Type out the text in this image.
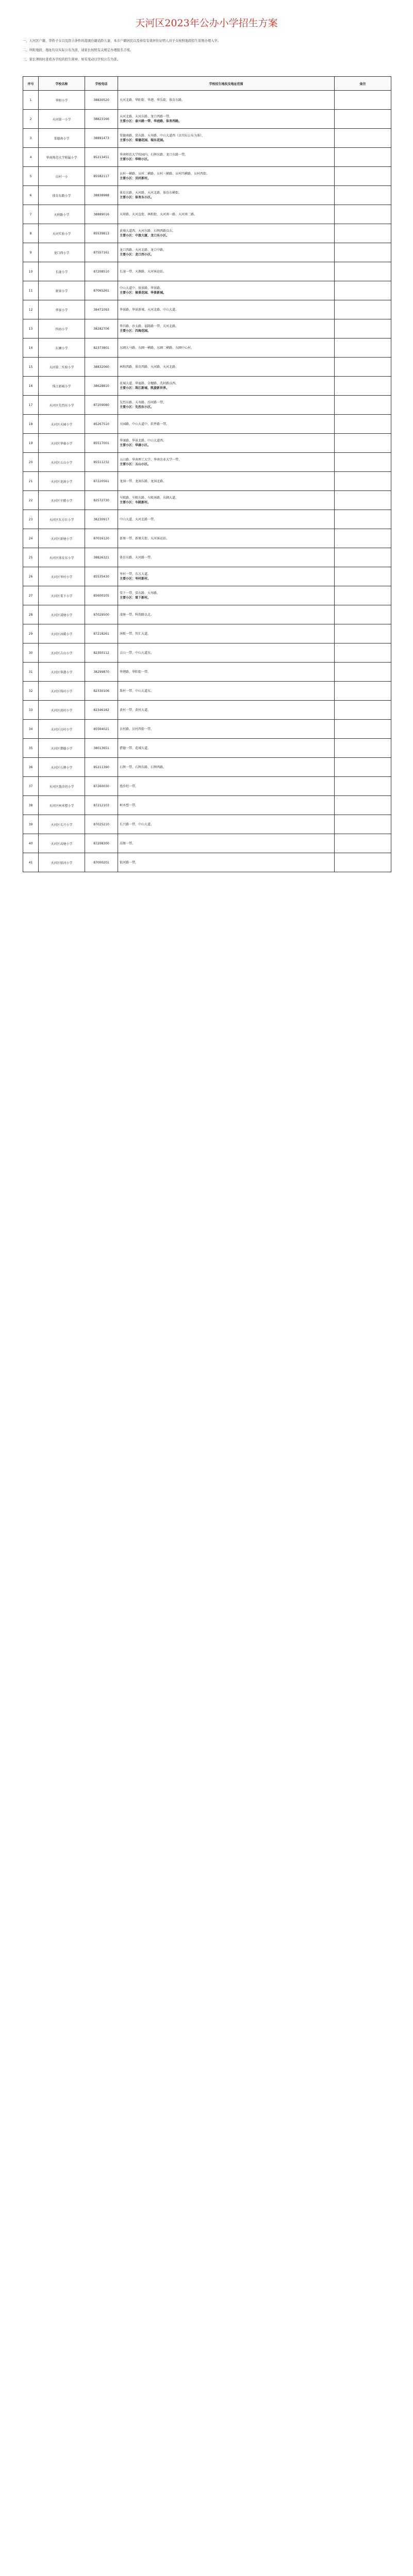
天河区2023年公办小学招生方案

一、天河区户籍、华侨子女以及符合条件的港澳台籍适龄儿童、本市户籍居民以及持有有效居住证明人员子女按照地段招生原则办理入学。

二、所附地段、地址均以实际公布为准，请家长按照有关规定办理报名手续。

三、家长须按时查看各学校的招生简章，如有变动以学校公告为准。

序号	学校名称	学校电话	学校招生地段及地址范围	备注
1	华阳小学	38830520	天河北路、华阳街、华港、华乐街，体育东路。

2	天河第一小学	38823166	天河北路、天河东路、龙口西路一带。
主要小区：泰兴路一带、华庭路、体育西路。	
3	棠德南小学	38891473	棠德南路、棠东路、天寿路、中山大道西（以实际公布为准）。
主要小区：棠德花园、瑞东花园。	
4	华南师范大学附属小学	85213451	华南师范大学校园内、石牌东路、龙口东路一带。
主要小区：华师小区。	
5	员村一小	85582117	员村一横路、员村二横路、员村三横路、员村四横路，员村西街。
主要小区：员村新村。	
6	体育东路小学	38838988	体育东路、天河路、天河北路、体育东横街。
主要小区：体育东小区。	
7	天府路小学	38889016	天府路、天河直街、林和街、天河南一路、天河南二路。

8	天河实验小学	85539813	黄埔大道西、天河东路、石牌西路以东。
主要小区：中旅大厦、龙口东小区。	
9	龙口西小学	87557161	龙口西路、天河北路、龙口中路。
主要小区：龙口西小区。	
10	长湴小学	87208510	长湴一带、天源路、天河客运站。

11	骏景小学	87065261	中山大道中、骏景路、华景路。
主要小区：骏景花园、华景新城。	
12	华景小学	38471093	华景路、华景新城、天河北路、中山大道。

13	四海小学	38282706	华昌路、沙太路、福隆路一带、天河北路。
主要小区：四海花园。	
14	东圃小学	82373801	东圃大马路、东圃一横路、东圃二横路、东圃中心村。

15	天河第二实验小学	38832060	林和西路、体育西路、天河路、天河北路。

16	珠江新城小学	38628810	花城大道、华夏路、金穗路、冼村路以西。
主要小区：珠江新城、凯旋新世界。	
17	天河区先烈东小学	87209080	先烈东路、天寿路、沙河路一带。
主要小区：先烈东小区。	
18	天河区天园小学	85267510	天园路、中山大道中、软件路一带。

19	天河区华康小学	85517001	华康路、华景北路、中山大道西。
主要小区：华康小区。	
20	天河区五山小学	85511232	五山路、华南理工大学、华南农业大学一带。
主要小区：五山小区。	
21	天河区龙洞小学	87220561	龙洞一带、龙洞东路、龙洞北路。

22	天河区车陂小学	82572730	车陂路、车陂东路、车陂南路、东圃大道。
主要小区：车陂新村。	
23	天河区东方红小学	38230917	中山大道、天河北路一带。

24	天河区新塘小学	87016120	新塘一带、新塘大街、天河客运站。

25	天河区体育东小学	38826321	体育东路、天河路一带。

26	天河区岑村小学	85535430	岑村一带、东方大道。
主要小区：岑村新村。	
27	天河区棠下小学	85600105	棠下一带、棠东路、天寿路。
主要小区：棠下新村。	
28	天河区凌塘小学	87029500	凌塘一带、科韵路以北。

29	天河区沐陂小学	87218261	沐陂一带、智汇大道。

30	天河区吉山小学	82350112	吉山一带、中山大道东。

31	天河区华港小学	38299870	华港路、华阳街一带。

32	天河区珠村小学	82330106	珠村一带、中山大道东。

33	天河区黄村小学	82346182	黄村一带、黄村大道。

34	天河区员村小学	85564021	员村路、员村西街一带。

35	天河区猎德小学	38013651	猎德一带、花城大道。

36	天河区石牌小学	85211390	石牌一带、石牌东路、石牌西路。

37	天河区渔沙坦小学	87260030	渔沙坦一带。

38	天河区柯木塱小学	87212103	柯木塱一带。

39	天河区长兴小学	87025210	长兴路一带、中山大道。

40	天河区高塘小学	87208300	高塘一带。

41	天河区银河小学	87000201	银河路一带。
